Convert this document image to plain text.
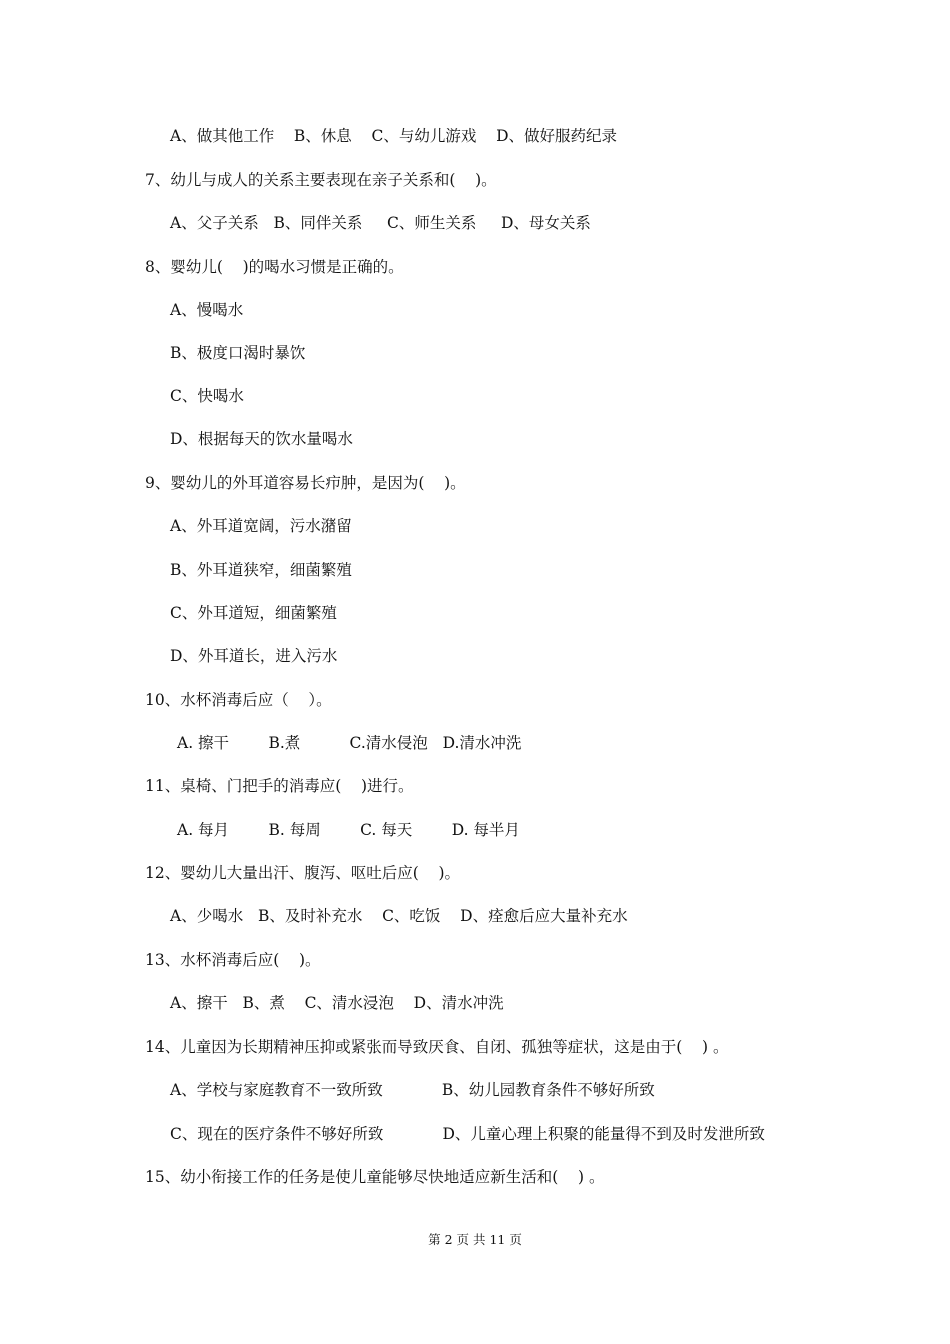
A、做其他工作    B、休息    C、与幼儿游戏    D、做好服药纪录
7、幼儿与成人的关系主要表现在亲子关系和(    )。
A、父子关系   B、同伴关系     C、师生关系     D、母女关系
8、婴幼儿(    )的喝水习惯是正确的。
A、慢喝水
B、极度口渴时暴饮
C、快喝水
D、根据每天的饮水量喝水
9、婴幼儿的外耳道容易长疖肿，是因为(    )。
A、外耳道宽阔，污水潴留
B、外耳道狭窄，细菌繁殖
C、外耳道短，细菌繁殖
D、外耳道长，进入污水
10、水杯消毒后应（    ）。
A. 擦干        B.煮          C.清水侵泡   D.清水冲洗
11、桌椅、门把手的消毒应(    )进行。
A. 每月        B. 每周        C. 每天        D. 每半月
12、婴幼儿大量出汗、腹泻、呕吐后应(    )。
A、少喝水   B、及时补充水    C、吃饭    D、痊愈后应大量补充水
13、水杯消毒后应(    )。
A、擦干   B、煮    C、清水浸泡    D、清水冲洗
14、儿童因为长期精神压抑或紧张而导致厌食、自闭、孤独等症状，这是由于(    ) 。
A、学校与家庭教育不一致所致            B、幼儿园教育条件不够好所致
C、现在的医疗条件不够好所致            D、儿童心理上积聚的能量得不到及时发泄所致
15、幼小衔接工作的任务是使儿童能够尽快地适应新生活和(    ) 。
第 2 页 共 11 页
